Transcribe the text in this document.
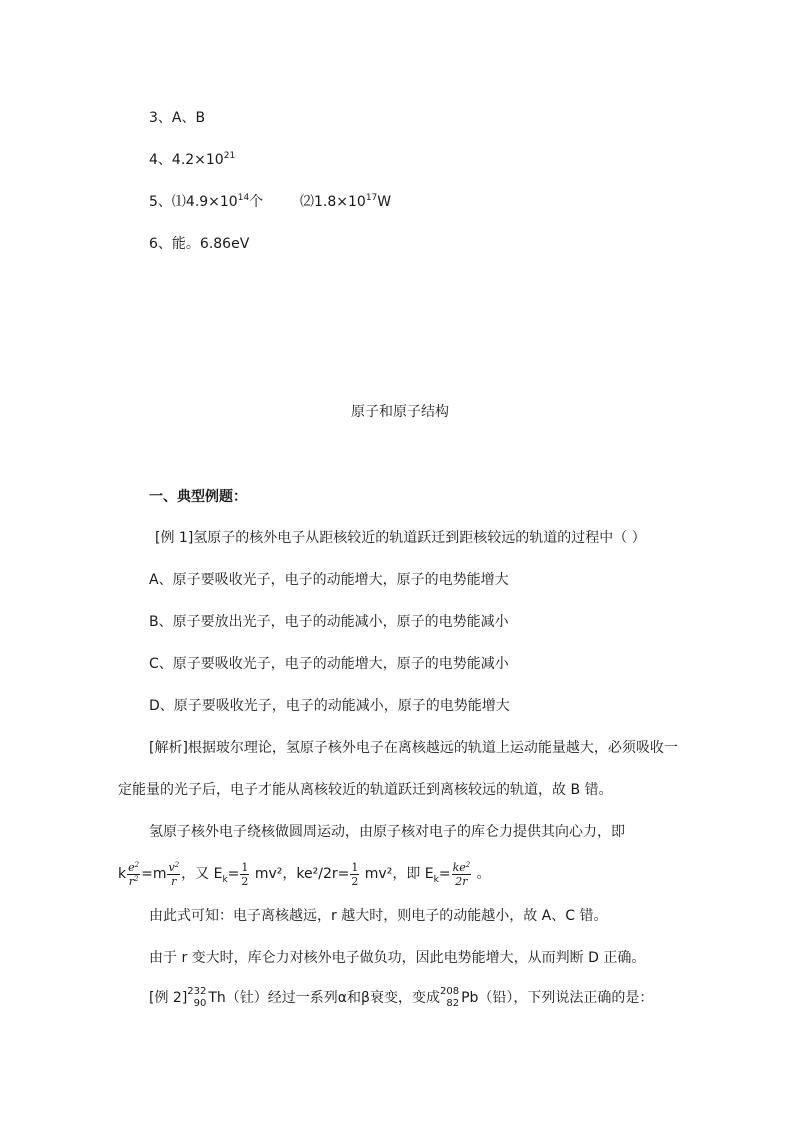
3、A、B
4、$4.2\times 10^{21}$
5、$⑴4.9\times 10^{14}$个	$⑵1.8\times 10^{17}W$
6、能。6.86eV
原子和原子结构
一、典型例题：
[例 1]氢原子的核外电子从距核较近的轨道跃迁到距核较远的轨道的过程中（ ）
A、原子要吸收光子，电子的动能增大，原子的电势能增大
B、原子要放出光子，电子的动能减小，原子的电势能减小
C、原子要吸收光子，电子的动能增大，原子的电势能减小
D、原子要吸收光子，电子的动能减小，原子的电势能增大
[解析]根据玻尔理论，氢原子核外电子在离核越远的轨道上运动能量越大，必须吸收一
定能量的光子后，电子才能从离核较近的轨道跃迁到离核较远的轨道，故 B 错。
氢原子核外电子绕核做圆周运动，由原子核对电子的库仑力提供其向心力，即
k $\frac{e^2}{r^2} =m \frac{v^2}{r}$ ，又 $E_k= \frac{1}{2} mv^2$，$ke^2/2r= \frac{1}{2} mv^2$，即 $E_k= \frac{ke^2}{2r}$ 。
由此式可知：电子离核越远，r 越大时，则电子的动能越小，故 A、C 错。
由于 r 变大时，库仑力对核外电子做负功，因此电势能增大，从而判断 D 正确。
[例 2] 232
90 Th（钍）经过一系列α和β衰变，变成 208
82 Pb（铅），下列说法正确的是：
